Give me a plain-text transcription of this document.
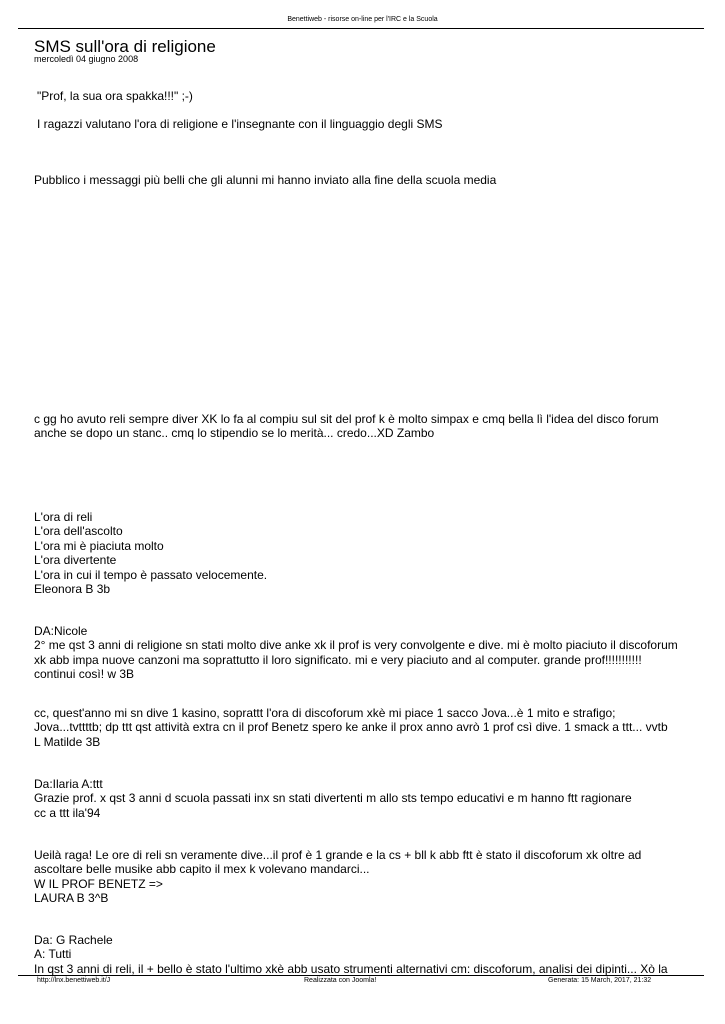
Benettiweb - risorse on-line per l'IRC e la Scuola
SMS sull'ora di religione
mercoledì 04 giugno 2008
"Prof, la sua ora spakka!!!" ;-)
I ragazzi valutano l'ora di religione e l'insegnante con il linguaggio degli SMS
Pubblico i messaggi più belli che gli alunni mi hanno inviato alla fine della scuola media
c gg ho avuto reli sempre diver XK lo fa al compiu sul sit del prof k è molto simpax e cmq bella lì l'idea del disco forum
anche se dopo un stanc.. cmq lo stipendio se lo merità... credo...XD Zambo
L'ora di reli
L'ora dell'ascolto
L'ora mi è piaciuta molto
L'ora divertente
L'ora in cui il tempo è passato velocemente.
Eleonora B 3b
DA:Nicole
2° me qst 3 anni di religione sn stati molto dive anke xk il prof is very convolgente e dive. mi è molto piaciuto il discoforum
xk abb impa nuove canzoni ma soprattutto il loro significato. mi e very piaciuto and al computer. grande prof!!!!!!!!!!!
continui così! w 3B
cc, quest'anno mi sn dive 1 kasino, soprattt l'ora di discoforum xkè mi piace 1 sacco Jova...è 1 mito e strafigo;
Jova...tvttttb; dp ttt qst attività extra cn il prof Benetz spero ke anke il prox anno avrò 1 prof csì dive. 1 smack a ttt... vvtb
L Matilde 3B
Da:Ilaria A:ttt
Grazie prof. x qst 3 anni d scuola passati inx sn stati divertenti m allo sts tempo educativi e m hanno ftt ragionare
cc a ttt ila'94
Ueilà raga! Le ore di reli sn veramente dive...il prof è 1 grande e la cs + bll k abb ftt è stato il discoforum xk oltre ad
ascoltare belle musike abb capito il mex k volevano mandarci...
W IL PROF BENETZ =>
LAURA B 3^B
Da: G Rachele
A: Tutti
In qst 3 anni di reli, il + bello è stato l'ultimo xkè abb usato strumenti alternativi cm: discoforum, analisi dei dipinti... Xò la
http://lnx.benettiweb.it/J	Realizzata con Joomla!	Generata: 15 March, 2017, 21:32
